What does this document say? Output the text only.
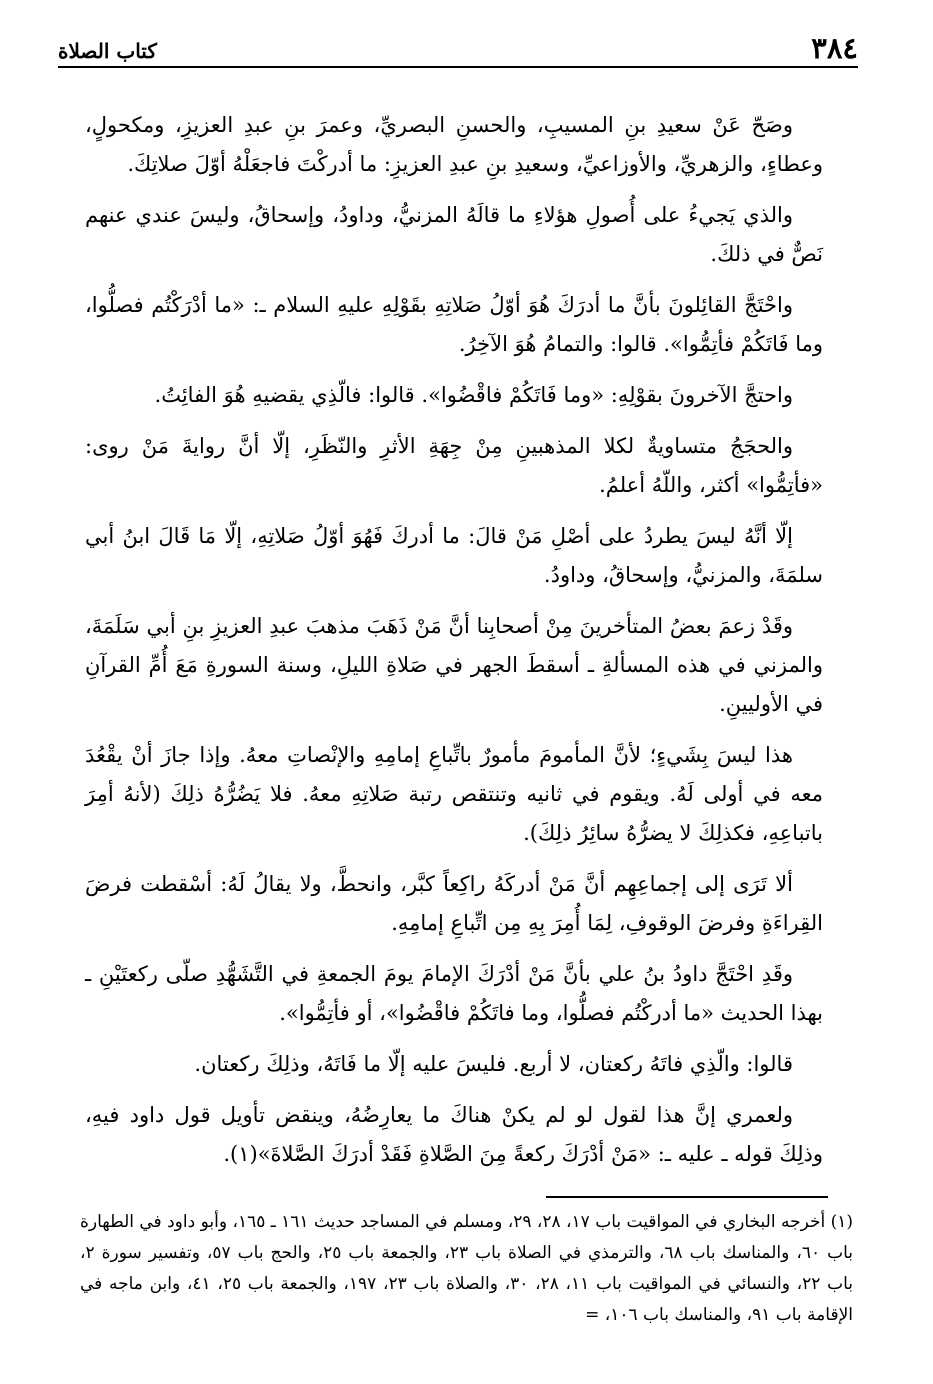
٣٨٤
كتاب الصلاة

وصَحّ عَنْ سعيدِ بنِ المسيبِ، والحسنِ البصريِّ، وعمرَ بنِ عبدِ العزيزِ، ومكحولٍ، وعطاءٍ، والزهريِّ، والأوزاعيِّ، وسعيدِ بنِ عبدِ العزيزِ: ما أدركْتَ فاجعَلْهُ أوّلَ صلاتِكَ.

والذي يَجيءُ على أُصولِ هؤلاءِ ما قالَهُ المزنيُّ، وداودُ، وإسحاقُ، وليسَ عندي عنهم نَصٌّ في ذلكَ.

واحْتَجَّ القائِلونَ بأنَّ ما أدرَكَ هُوَ أوّلُ صَلاتِهِ بقَوْلِهِ عليهِ السلام ـ: «ما أدْرَكْتُم فصلُّوا، وما فَاتَكُمْ فأتِمُّوا». قالوا: والتمامُ هُوَ الآخِرُ.

واحتجَّ الآخرونَ بقوْلِهِ: «وما فَاتَكُمْ فاقْضُوا». قالوا: فالّذِي يقضيهِ هُوَ الفائِتُ.

والحجَجُ متساويةٌ لكلا المذهبينِ مِنْ جِهَةِ الأثرِ والنّظَرِ، إلّا أنَّ روايةَ مَنْ روى: «فأتِمُّوا» أكثر، واللّهُ أعلمُ.

إلّا أنَّهُ ليسَ يطردُ على أصْلِ مَنْ قالَ: ما أدركَ فَهُوَ أوّلُ صَلاتِهِ، إلّا مَا قَالَ ابنُ أبي سلمَةَ، والمزنيُّ، وإسحاقُ، وداودُ.

وقَدْ زعمَ بعضُ المتأخرينَ مِنْ أصحابِنا أنَّ مَنْ ذَهَبَ مذهبَ عبدِ العزيزِ بنِ أبي سَلَمَةَ، والمزني في هذه المسألةِ ـ أسقطَ الجهر في صَلاةِ الليلِ، وسنة السورةِ مَعَ أُمِّ القرآنِ في الأوليينِ.

هذا ليسَ بِشَيءٍ؛ لأنَّ المأمومَ مأمورٌ باتِّباعِ إمامِهِ والإنْصاتِ معهُ. وإذا جازَ أنْ يقْعُدَ معه في أولى لَهُ. ويقوم في ثانيه وتنتقص رتبة صَلاتِهِ معهُ. فلا يَضُرُّهُ ذلِكَ (لأنهُ أمِرَ باتباعِهِ، فكذلِكَ لا يضرُّهُ سائِرُ ذلِكَ).

ألا تَرَى إلى إجماعِهِم أنَّ مَنْ أدركَهُ راكِعاً كبَّر، وانحطَّ، ولا يقالُ لَهُ: أسْقطت فرضَ القِراءَةِ وفرضَ الوقوفِ، لِمَا أُمِرَ بِهِ مِن اتِّباعِ إمامِهِ.

وقَدِ احْتَجَّ داودُ بنُ علي بأنَّ مَنْ أدْرَكَ الإمامَ يومَ الجمعةِ في التَّشَهُّدِ صلّى ركعتَيْنِ ـ بهذا الحديث «ما أدركْتُم فصلُّوا، وما فاتَكُمْ فاقْضُوا»، أو فأتِمُّوا».

قالوا: والّذِي فاتَهُ ركعتان، لا أربع. فليسَ عليه إلّا ما فَاتَهُ، وذلِكَ ركعتان.

ولعمري إنَّ هذا لقول لو لم يكنْ هناكَ ما يعارِضُهُ، وينقض تأويل قول داود فيهِ، وذلِكَ قوله ـ عليه ـ: «مَنْ أدْرَكَ ركعةً مِنَ الصَّلاةِ فَقَدْ أدرَكَ الصَّلاةَ»(١).

(١) أخرجه البخاري في المواقيت باب ١٧، ٢٨، ٢٩، ومسلم في المساجد حديث ١٦١ ـ ١٦٥، وأبو داود في الطهارة باب ٦٠، والمناسك باب ٦٨، والترمذي في الصلاة باب ٢٣، والجمعة باب ٢٥، والحج باب ٥٧، وتفسير سورة ٢، باب ٢٢، والنسائي في المواقيت باب ١١، ٢٨، ٣٠، والصلاة باب ٢٣، ١٩٧، والجمعة باب ٢٥، ٤١، وابن ماجه في الإقامة باب ٩١، والمناسك باب ١٠٦، =
